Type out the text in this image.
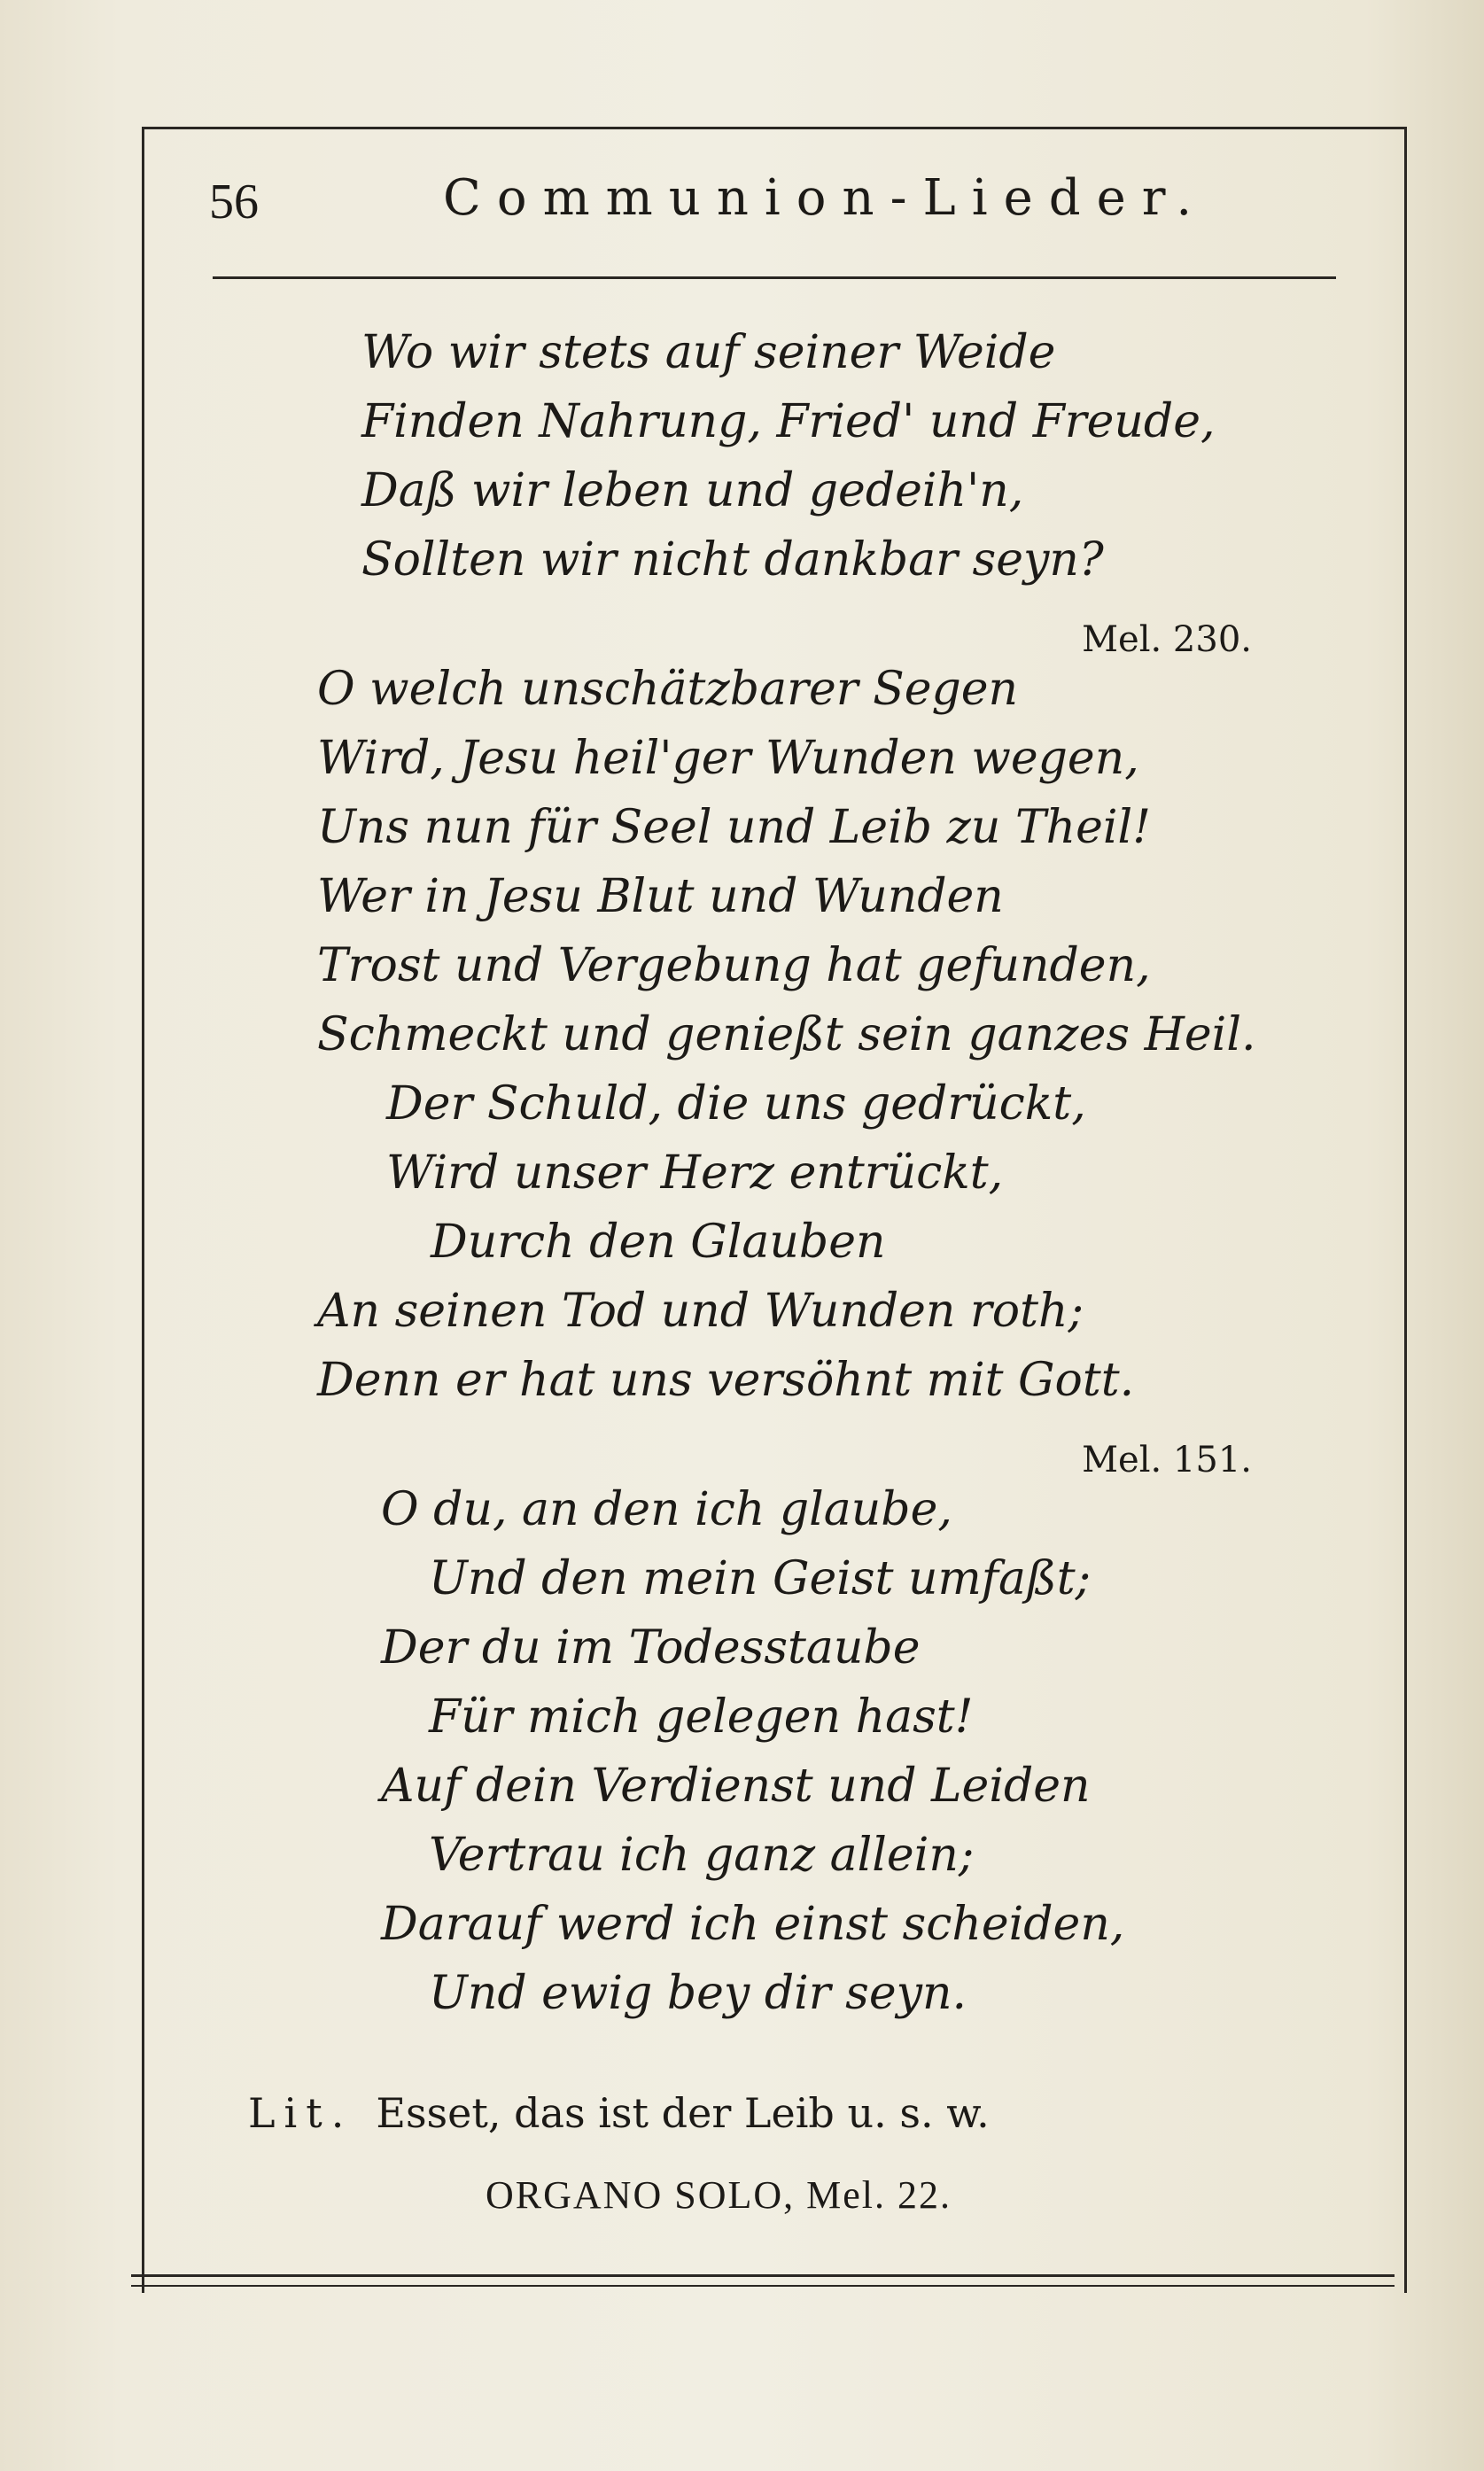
56	Communion-Lieder.
Wo wir stets auf seiner Weide
Finden Nahrung, Fried' und Freude,
Daß wir leben und gedeih'n,
Sollten wir nicht dankbar seyn?
Mel. 230.
O welch unschätzbarer Segen
Wird, Jesu heil'ger Wunden wegen,
Uns nun für Seel und Leib zu Theil!
Wer in Jesu Blut und Wunden
Trost und Vergebung hat gefunden,
Schmeckt und genießt sein ganzes Heil.
Der Schuld, die uns gedrückt,
Wird unser Herz entrückt,
Durch den Glauben
An seinen Tod und Wunden roth;
Denn er hat uns versöhnt mit Gott.
Mel. 151.
O du, an den ich glaube,
Und den mein Geist umfaßt;
Der du im Todesstaube
Für mich gelegen hast!
Auf dein Verdienst und Leiden
Vertrau ich ganz allein;
Darauf werd ich einst scheiden,
Und ewig bey dir seyn.
Lit. Esset, das ist der Leib u. s. w.
ORGANO SOLO, Mel. 22.
